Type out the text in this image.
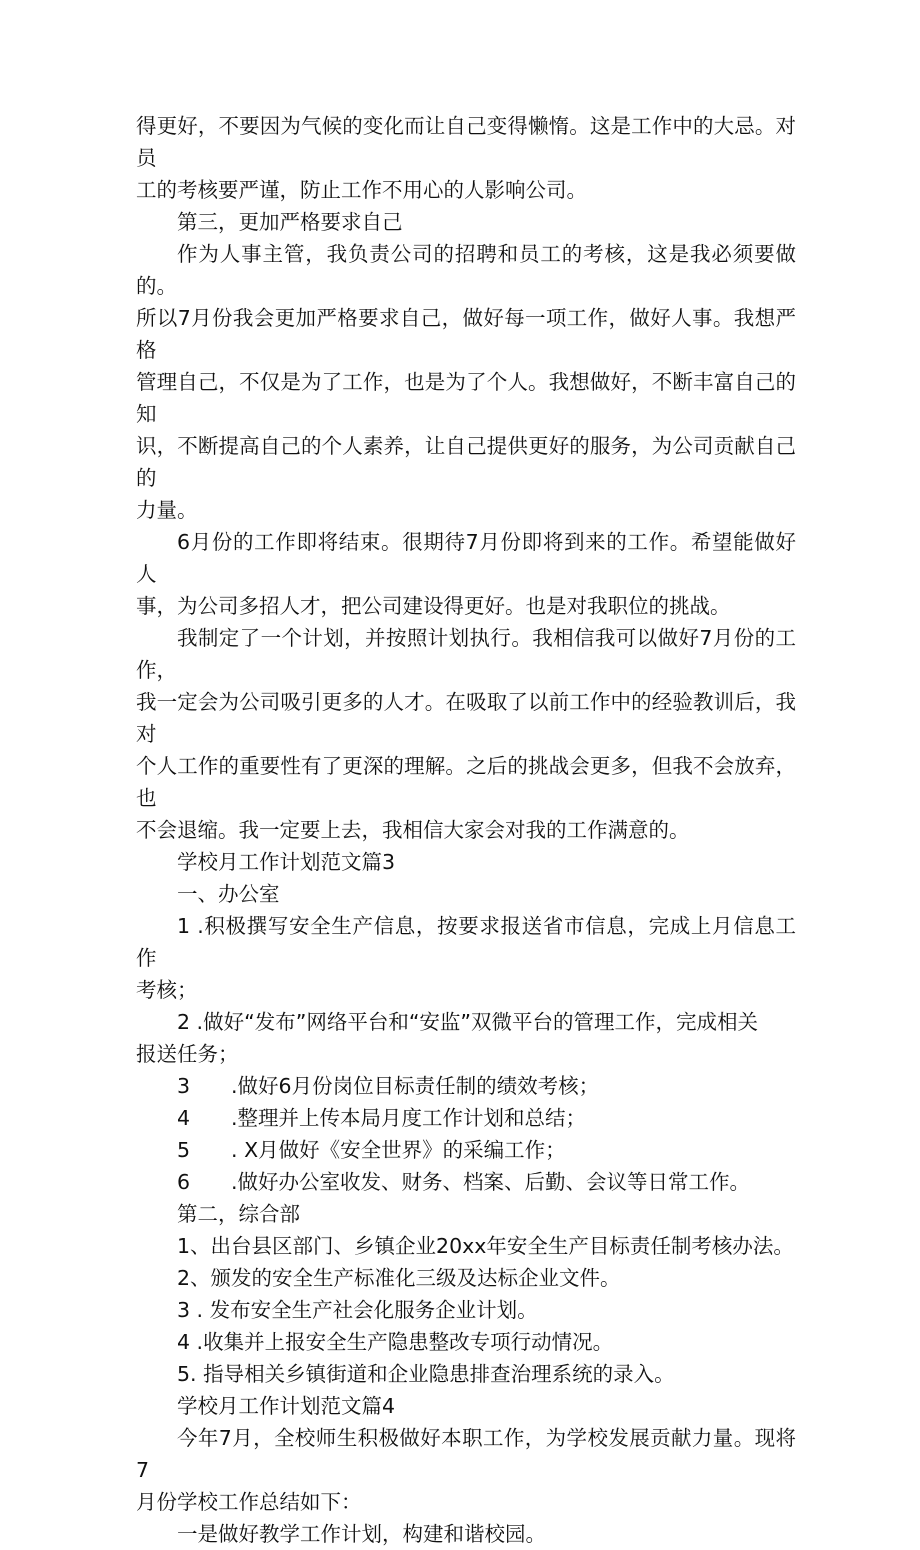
得更好，不要因为气候的变化而让自己变得懒惰。这是工作中的大忌。对员
工的考核要严谨，防止工作不用心的人影响公司。

第三，更加严格要求自己

作为人事主管，我负责公司的招聘和员工的考核，这是我必须要做的。
所以7月份我会更加严格要求自己，做好每一项工作，做好人事。我想严格
管理自己，不仅是为了工作，也是为了个人。我想做好，不断丰富自己的知
识，不断提高自己的个人素养，让自己提供更好的服务，为公司贡献自己的
力量。

6月份的工作即将结束。很期待7月份即将到来的工作。希望能做好人
事，为公司多招人才，把公司建设得更好。也是对我职位的挑战。

我制定了一个计划，并按照计划执行。我相信我可以做好7月份的工作，
我一定会为公司吸引更多的人才。在吸取了以前工作中的经验教训后，我对
个人工作的重要性有了更深的理解。之后的挑战会更多，但我不会放弃，也
不会退缩。我一定要上去，我相信大家会对我的工作满意的。

学校月工作计划范文篇3

一、办公室

1 .积极撰写安全生产信息，按要求报送省市信息，完成上月信息工作
考核；

2 .做好“发布”网络平台和“安监”双微平台的管理工作，完成相关
报送任务；

3　　.做好6月份岗位目标责任制的绩效考核；

4　　.整理并上传本局月度工作计划和总结；

5　　. X月做好《安全世界》的采编工作；

6　　.做好办公室收发、财务、档案、后勤、会议等日常工作。

第二，综合部

1、出台县区部门、乡镇企业20xx年安全生产目标责任制考核办法。

2、颁发的安全生产标准化三级及达标企业文件。

3 . 发布安全生产社会化服务企业计划。

4 .收集并上报安全生产隐患整改专项行动情况。

5. 指导相关乡镇街道和企业隐患排查治理系统的录入。

学校月工作计划范文篇4

今年7月，全校师生积极做好本职工作，为学校发展贡献力量。现将7
月份学校工作总结如下：

一是做好教学工作计划，构建和谐校园。
